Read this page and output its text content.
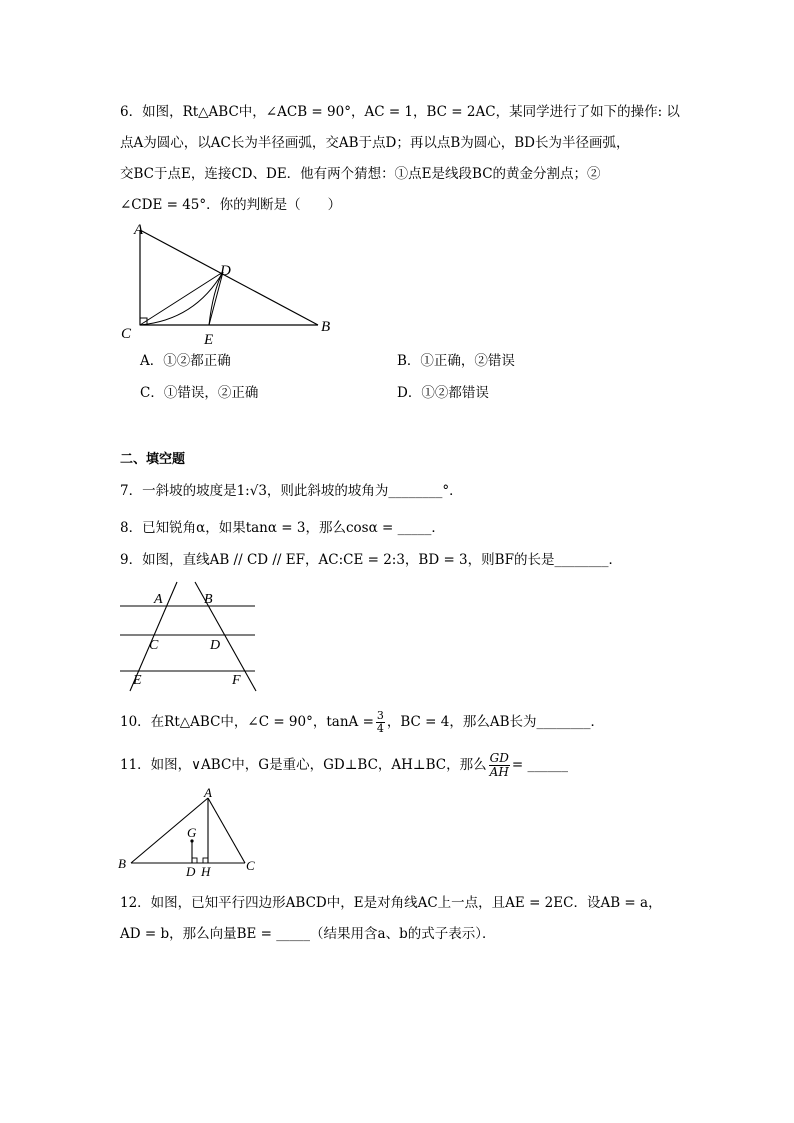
6．如图，Rt△ABC中，∠ACB = 90°，AC = 1，BC = 2AC，某同学进行了如下的操作: 以
点A为圆心，以AC长为半径画弧，交AB于点D；再以点B为圆心，BD长为半径画弧，
交BC于点E，连接CD、DE．他有两个猜想：①点E是线段BC的黄金分割点；②
∠CDE = 45°．你的判断是（　　）
A
D
C	E
B
A．①②都正确	B．①正确，②错误
C．①错误，②正确	D．①②都错误
二、填空题
7．一斜坡的坡度是1:√3，则此斜坡的坡角为________°．
8．已知锐角α，如果tanα = 3，那么cosα = _____．
9．如图，直线AB // CD // EF，AC:CE = 2:3，BD = 3，则BF的长是________．
A	B
C	D
E	F
10．在Rt△ABC中，∠C = 90°，$\tan A = \frac{3}{4}$ ，BC = 4，那么AB长为________．
11．如图，∨ABC中，G是重心，GD⊥BC，AH⊥BC，那么 $\frac{GD}{AH}$ = ______
A
G
B	C
D H
12．如图，已知平行四边形ABCD中，E是对角线AC上一点，且AE = 2EC．设AB = a，
AD = b，那么向量BE = _____（结果用含a、b的式子表示）．
